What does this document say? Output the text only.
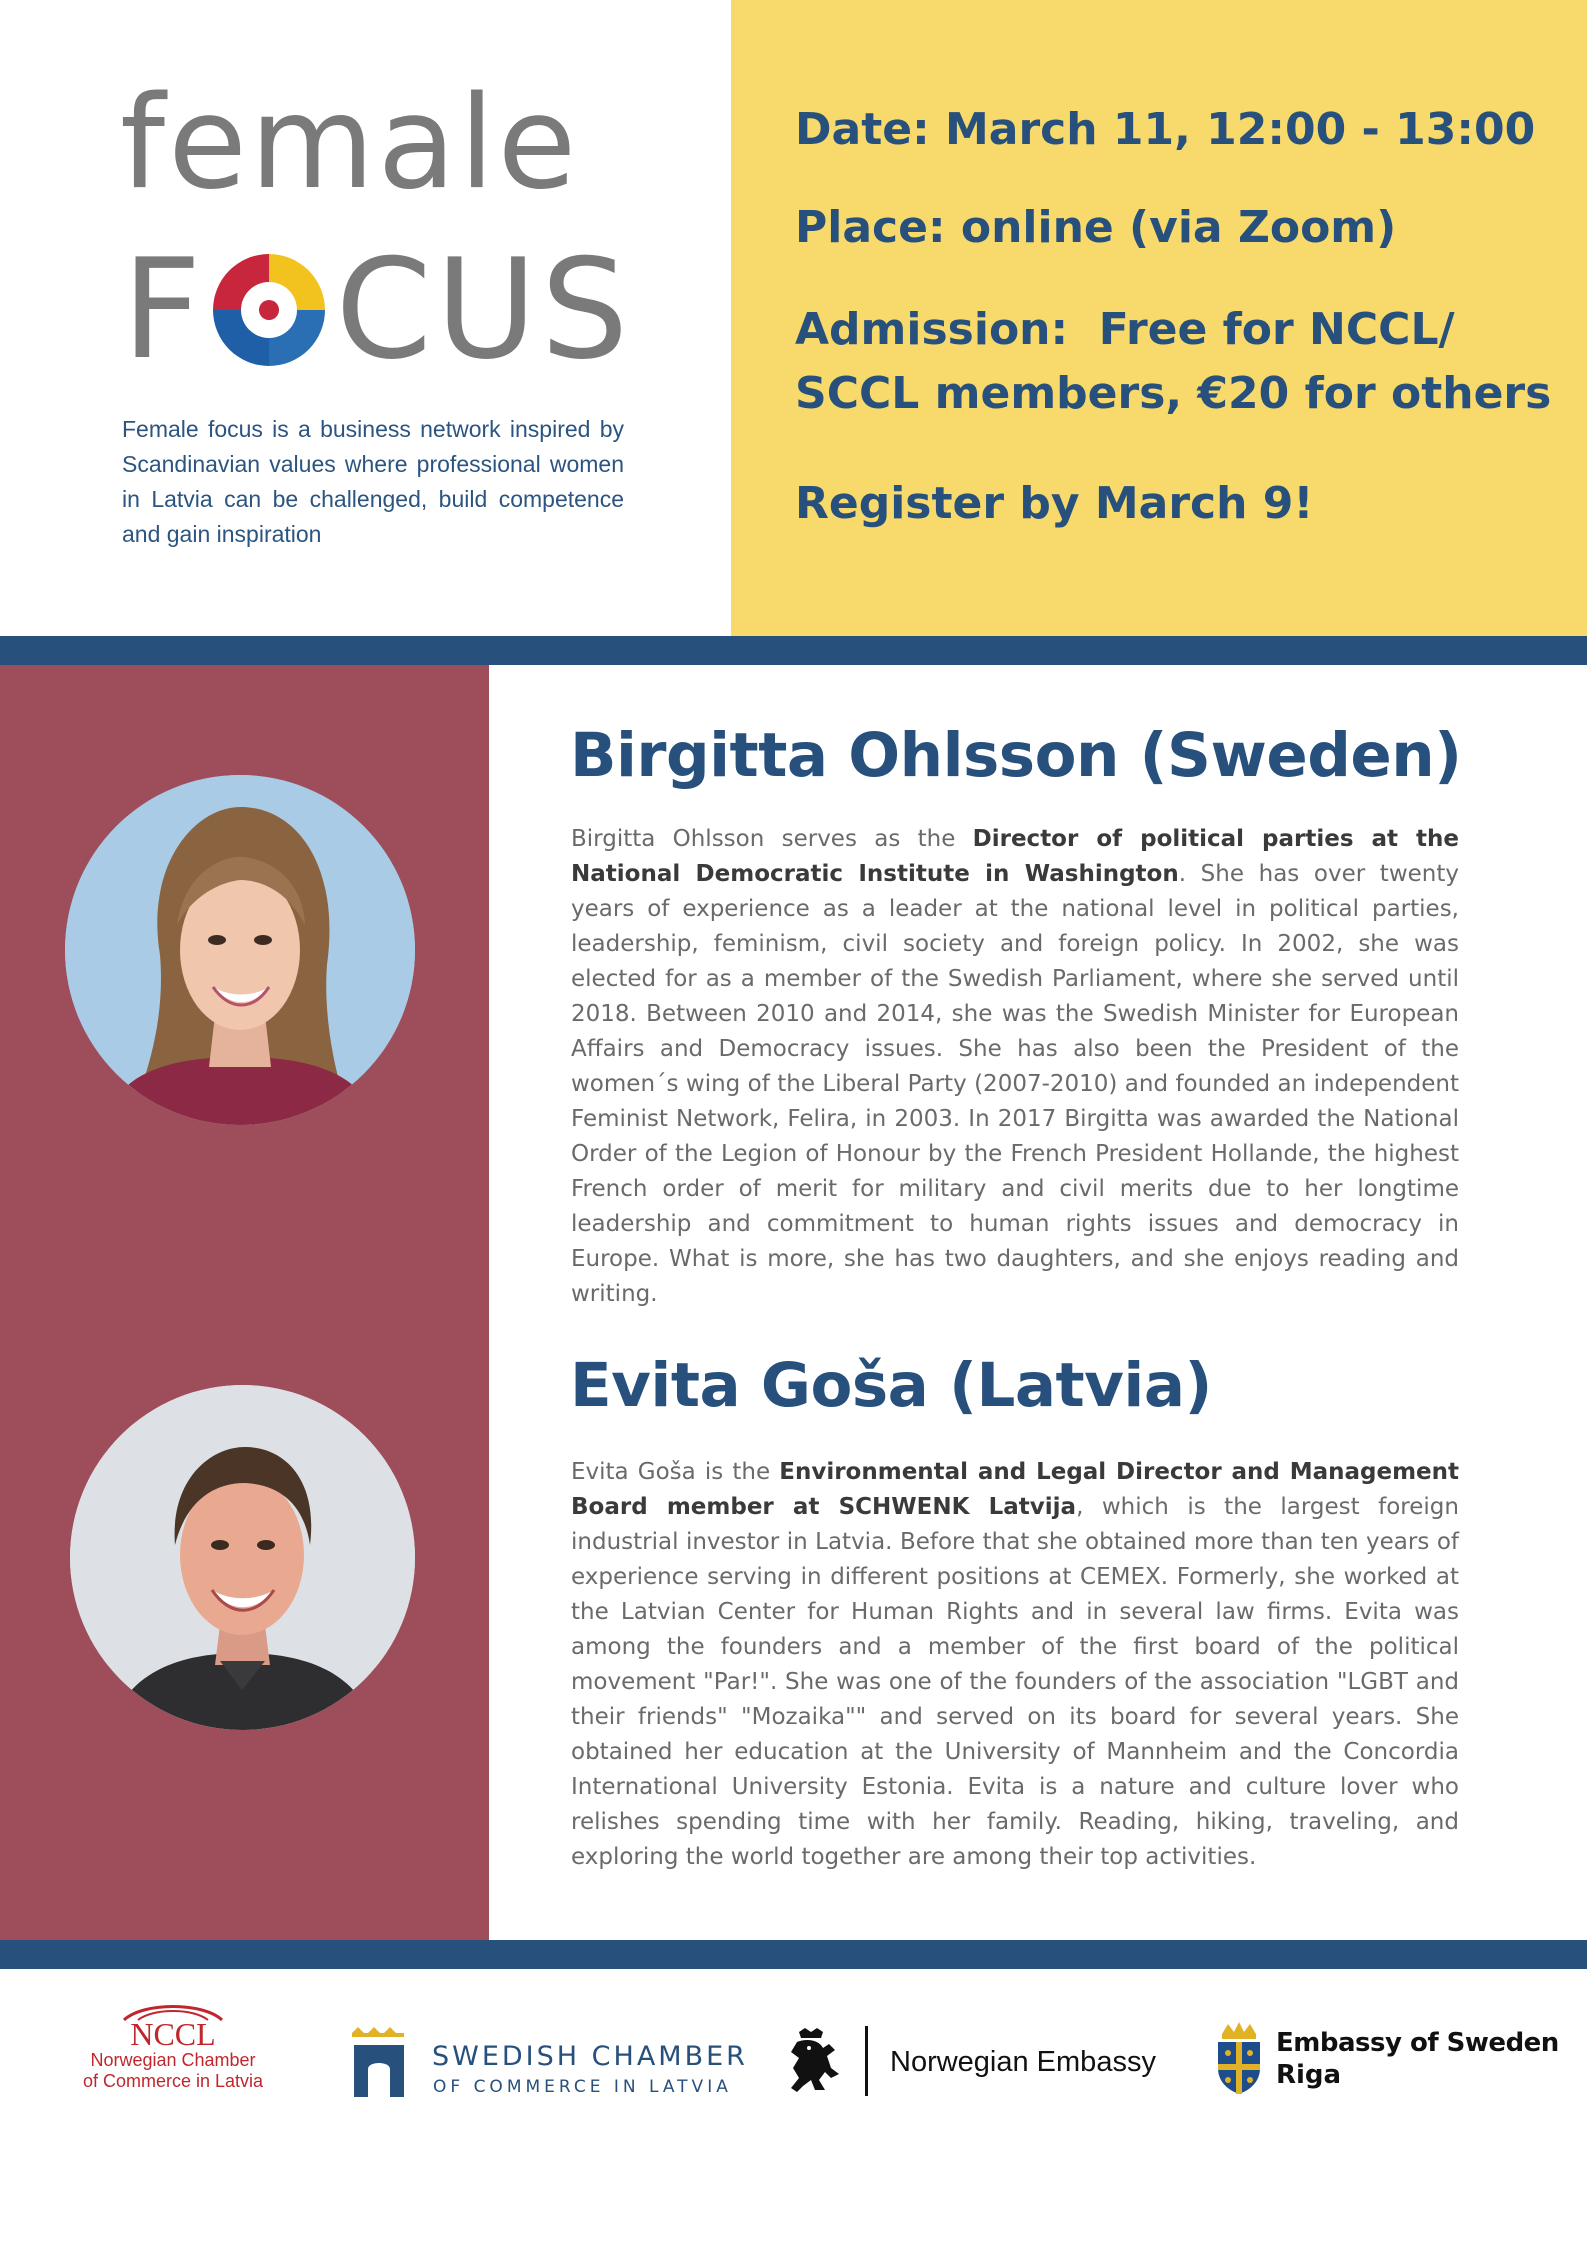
female
F CUS

Female focus is a business network inspired by Scandinavian values where professional women in Latvia can be challenged, build competence and gain inspiration

Date: March 11, 12:00 - 13:00
Place: online (via Zoom)
Admission:  Free for NCCL/
SCCL members, €20 for others
Register by March 9!
Birgitta Ohlsson (Sweden)

Birgitta Ohlsson serves as the Director of political parties at the National Democratic Institute in Washington. She has over twenty years of experience as a leader at the national level in political parties, leadership, feminism, civil society and foreign policy. In 2002, she was elected for as a member of the Swedish Parliament, where she served until 2018. Between 2010 and 2014, she was the Swedish Minister for European Affairs and Democracy issues. She has also been the President of the women´s wing of the Liberal Party (2007-2010) and founded an independent Feminist Network, Felira, in 2003. In 2017 Birgitta was awarded the National Order of the Legion of Honour by the French President Hollande, the highest French order of merit for military and civil merits due to her longtime leadership and commitment to human rights issues and democracy in Europe. What is more, she has two daughters, and she enjoys reading and writing.

Evita Goša (Latvia)

Evita Goša is the Environmental and Legal Director and Management Board member at SCHWENK Latvija, which is the largest foreign industrial investor in Latvia. Before that she obtained more than ten years of experience serving in different positions at CEMEX. Formerly, she worked at the Latvian Center for Human Rights and in several law firms. Evita was among the founders and a member of the first board of the political movement "Par!". She was one of the founders of the association "LGBT and their friends" "Mozaika"" and served on its board for several years. She obtained her education at the University of Mannheim and the Concordia International University Estonia. Evita is a nature and culture lover who relishes spending time with her family. Reading, hiking, traveling, and exploring the world together are among their top activities.

NCCL
Norwegian Chamber
of Commerce in Latvia
SWEDISH CHAMBER
OF COMMERCE IN LATVIA
Norwegian Embassy
Embassy of Sweden
Riga
